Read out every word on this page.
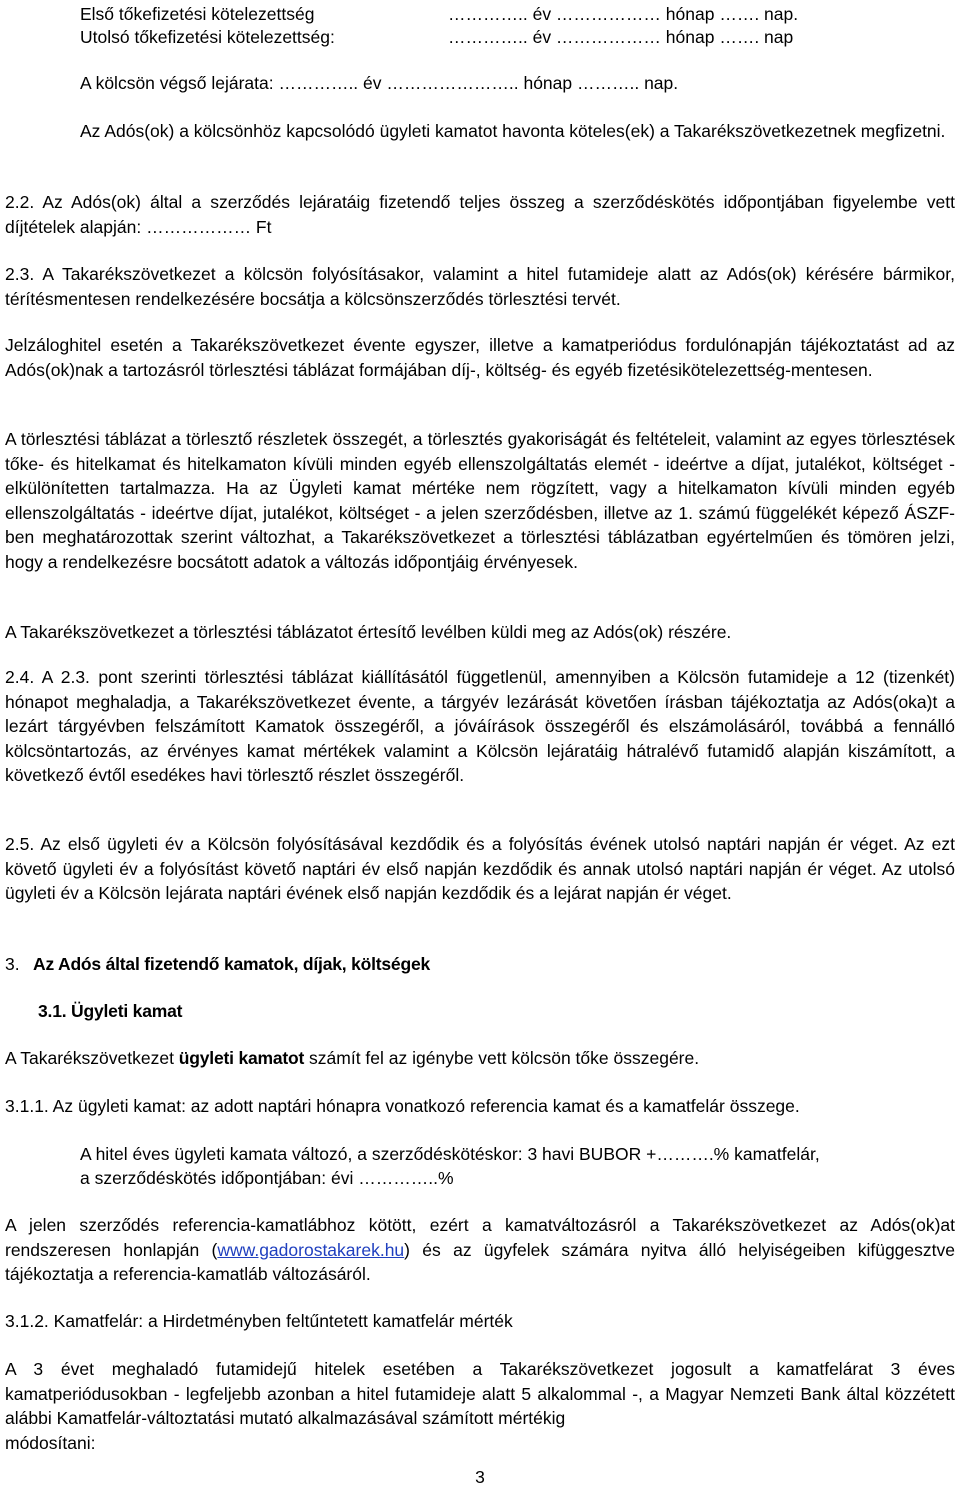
Első tőkefizetési kötelezettség	………….. év ……………… hónap ……. nap.
Utolsó tőkefizetési kötelezettség:	………….. év ……………… hónap ……. nap
A kölcsön végső lejárata: ………….. év ………………….. hónap ……….. nap.
Az Adós(ok) a kölcsönhöz kapcsolódó ügyleti kamatot havonta köteles(ek) a Takarékszövetkezetnek megfizetni.
2.2. Az Adós(ok) által a szerződés lejáratáig fizetendő teljes összeg a szerződéskötés időpontjában figyelembe vett díjtételek alapján: ……………… Ft
2.3. A Takarékszövetkezet a kölcsön folyósításakor, valamint a hitel futamideje alatt az Adós(ok) kérésére bármikor, térítésmentesen rendelkezésére bocsátja a kölcsönszerződés törlesztési tervét.
Jelzáloghitel esetén a Takarékszövetkezet évente egyszer, illetve a kamatperiódus fordulónapján tájékoztatást ad az Adós(ok)nak a tartozásról törlesztési táblázat formájában díj-, költség- és egyéb fizetésikötelezettség-mentesen.
A törlesztési táblázat a törlesztő részletek összegét, a törlesztés gyakoriságát és feltételeit, valamint az egyes törlesztések tőke- és hitelkamat és hitelkamaton kívüli minden egyéb ellenszolgáltatás elemét - ideértve a díjat, jutalékot, költséget - elkülönítetten tartalmazza. Ha az Ügyleti kamat mértéke nem rögzített, vagy a hitelkamaton kívüli minden egyéb ellenszolgáltatás - ideértve díjat, jutalékot, költséget - a jelen szerződésben, illetve az 1. számú függelékét képező ÁSZF-ben meghatározottak szerint változhat, a Takarékszövetkezet a törlesztési táblázatban egyértelműen és tömören jelzi, hogy a rendelkezésre bocsátott adatok a változás időpontjáig érvényesek.
A Takarékszövetkezet a törlesztési táblázatot értesítő levélben küldi meg az Adós(ok) részére.
2.4. A 2.3. pont szerinti törlesztési táblázat kiállításától függetlenül, amennyiben a Kölcsön futamideje a 12 (tizenkét) hónapot meghaladja, a Takarékszövetkezet évente, a tárgyév lezárását követően írásban tájékoztatja az Adós(oka)t a lezárt tárgyévben felszámított Kamatok összegéről, a jóváírások összegéről és elszámolásáról, továbbá a fennálló kölcsöntartozás, az érvényes kamat mértékek valamint a Kölcsön lejáratáig hátralévő futamidő alapján kiszámított, a következő évtől esedékes havi törlesztő részlet összegéről.
2.5. Az első ügyleti év a Kölcsön folyósításával kezdődik és a folyósítás évének utolsó naptári napján ér véget. Az ezt követő ügyleti év a folyósítást követő naptári év első napján kezdődik és annak utolsó naptári napján ér véget. Az utolsó ügyleti év a Kölcsön lejárata naptári évének első napján kezdődik és a lejárat napján ér véget.
3. Az Adós által fizetendő kamatok, díjak, költségek
3.1. Ügyleti kamat
A Takarékszövetkezet ügyleti kamatot számít fel az igénybe vett kölcsön tőke összegére.
3.1.1. Az ügyleti kamat: az adott naptári hónapra vonatkozó referencia kamat és a kamatfelár összege.
A hitel éves ügyleti kamata változó, a szerződéskötéskor: 3 havi BUBOR +……….% kamatfelár,
a szerződéskötés időpontjában: évi …………..%
A jelen szerződés referencia-kamatlábhoz kötött, ezért a kamatváltozásról a Takarékszövetkezet az Adós(ok)at rendszeresen honlapján (www.gadorostakarek.hu) és az ügyfelek számára nyitva álló helyiségeiben kifüggesztve tájékoztatja a referencia-kamatláb változásáról.
3.1.2. Kamatfelár: a Hirdetményben feltűntetett kamatfelár mérték
A 3 évet meghaladó futamidejű hitelek esetében a Takarékszövetkezet jogosult a kamatfelárat 3 éves kamatperiódusokban - legfeljebb azonban a hitel futamideje alatt 5 alkalommal -, a Magyar Nemzeti Bank által közzétett alábbi Kamatfelár-változtatási mutató alkalmazásával számított mértékig
módosítani:
3
